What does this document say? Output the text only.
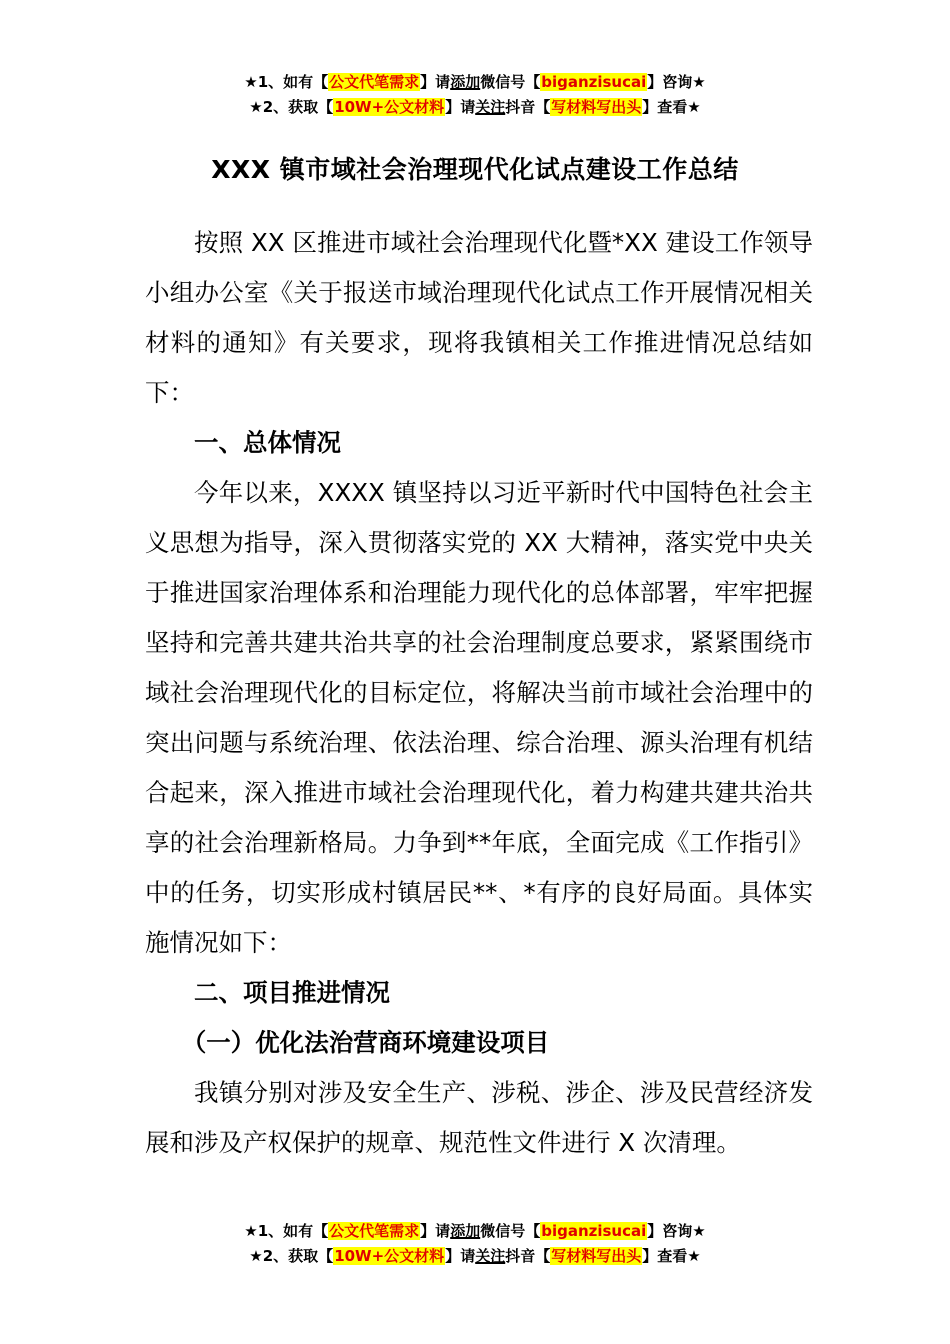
★1、如有【公文代笔需求】请添加微信号【biganzisucai】咨询★
★2、获取【10W+公文材料】请关注抖音【写材料写出头】查看★
XXX 镇市域社会治理现代化试点建设工作总结

按照 XX 区推进市域社会治理现代化暨*XX 建设工作领导小组办公室《关于报送市域治理现代化试点工作开展情况相关材料的通知》有关要求，现将我镇相关工作推进情况总结如下：

一、总体情况

今年以来，XXXX 镇坚持以习近平新时代中国特色社会主义思想为指导，深入贯彻落实党的 XX 大精神，落实党中央关于推进国家治理体系和治理能力现代化的总体部署，牢牢把握坚持和完善共建共治共享的社会治理制度总要求，紧紧围绕市域社会治理现代化的目标定位，将解决当前市域社会治理中的突出问题与系统治理、依法治理、综合治理、源头治理有机结合起来，深入推进市域社会治理现代化，着力构建共建共治共享的社会治理新格局。力争到**年底，全面完成《工作指引》中的任务，切实形成村镇居民**、*有序的良好局面。具体实施情况如下：

二、项目推进情况

（一）优化法治营商环境建设项目

我镇分别对涉及安全生产、涉税、涉企、涉及民营经济发展和涉及产权保护的规章、规范性文件进行 X 次清理。

★1、如有【公文代笔需求】请添加微信号【biganzisucai】咨询★
★2、获取【10W+公文材料】请关注抖音【写材料写出头】查看★
